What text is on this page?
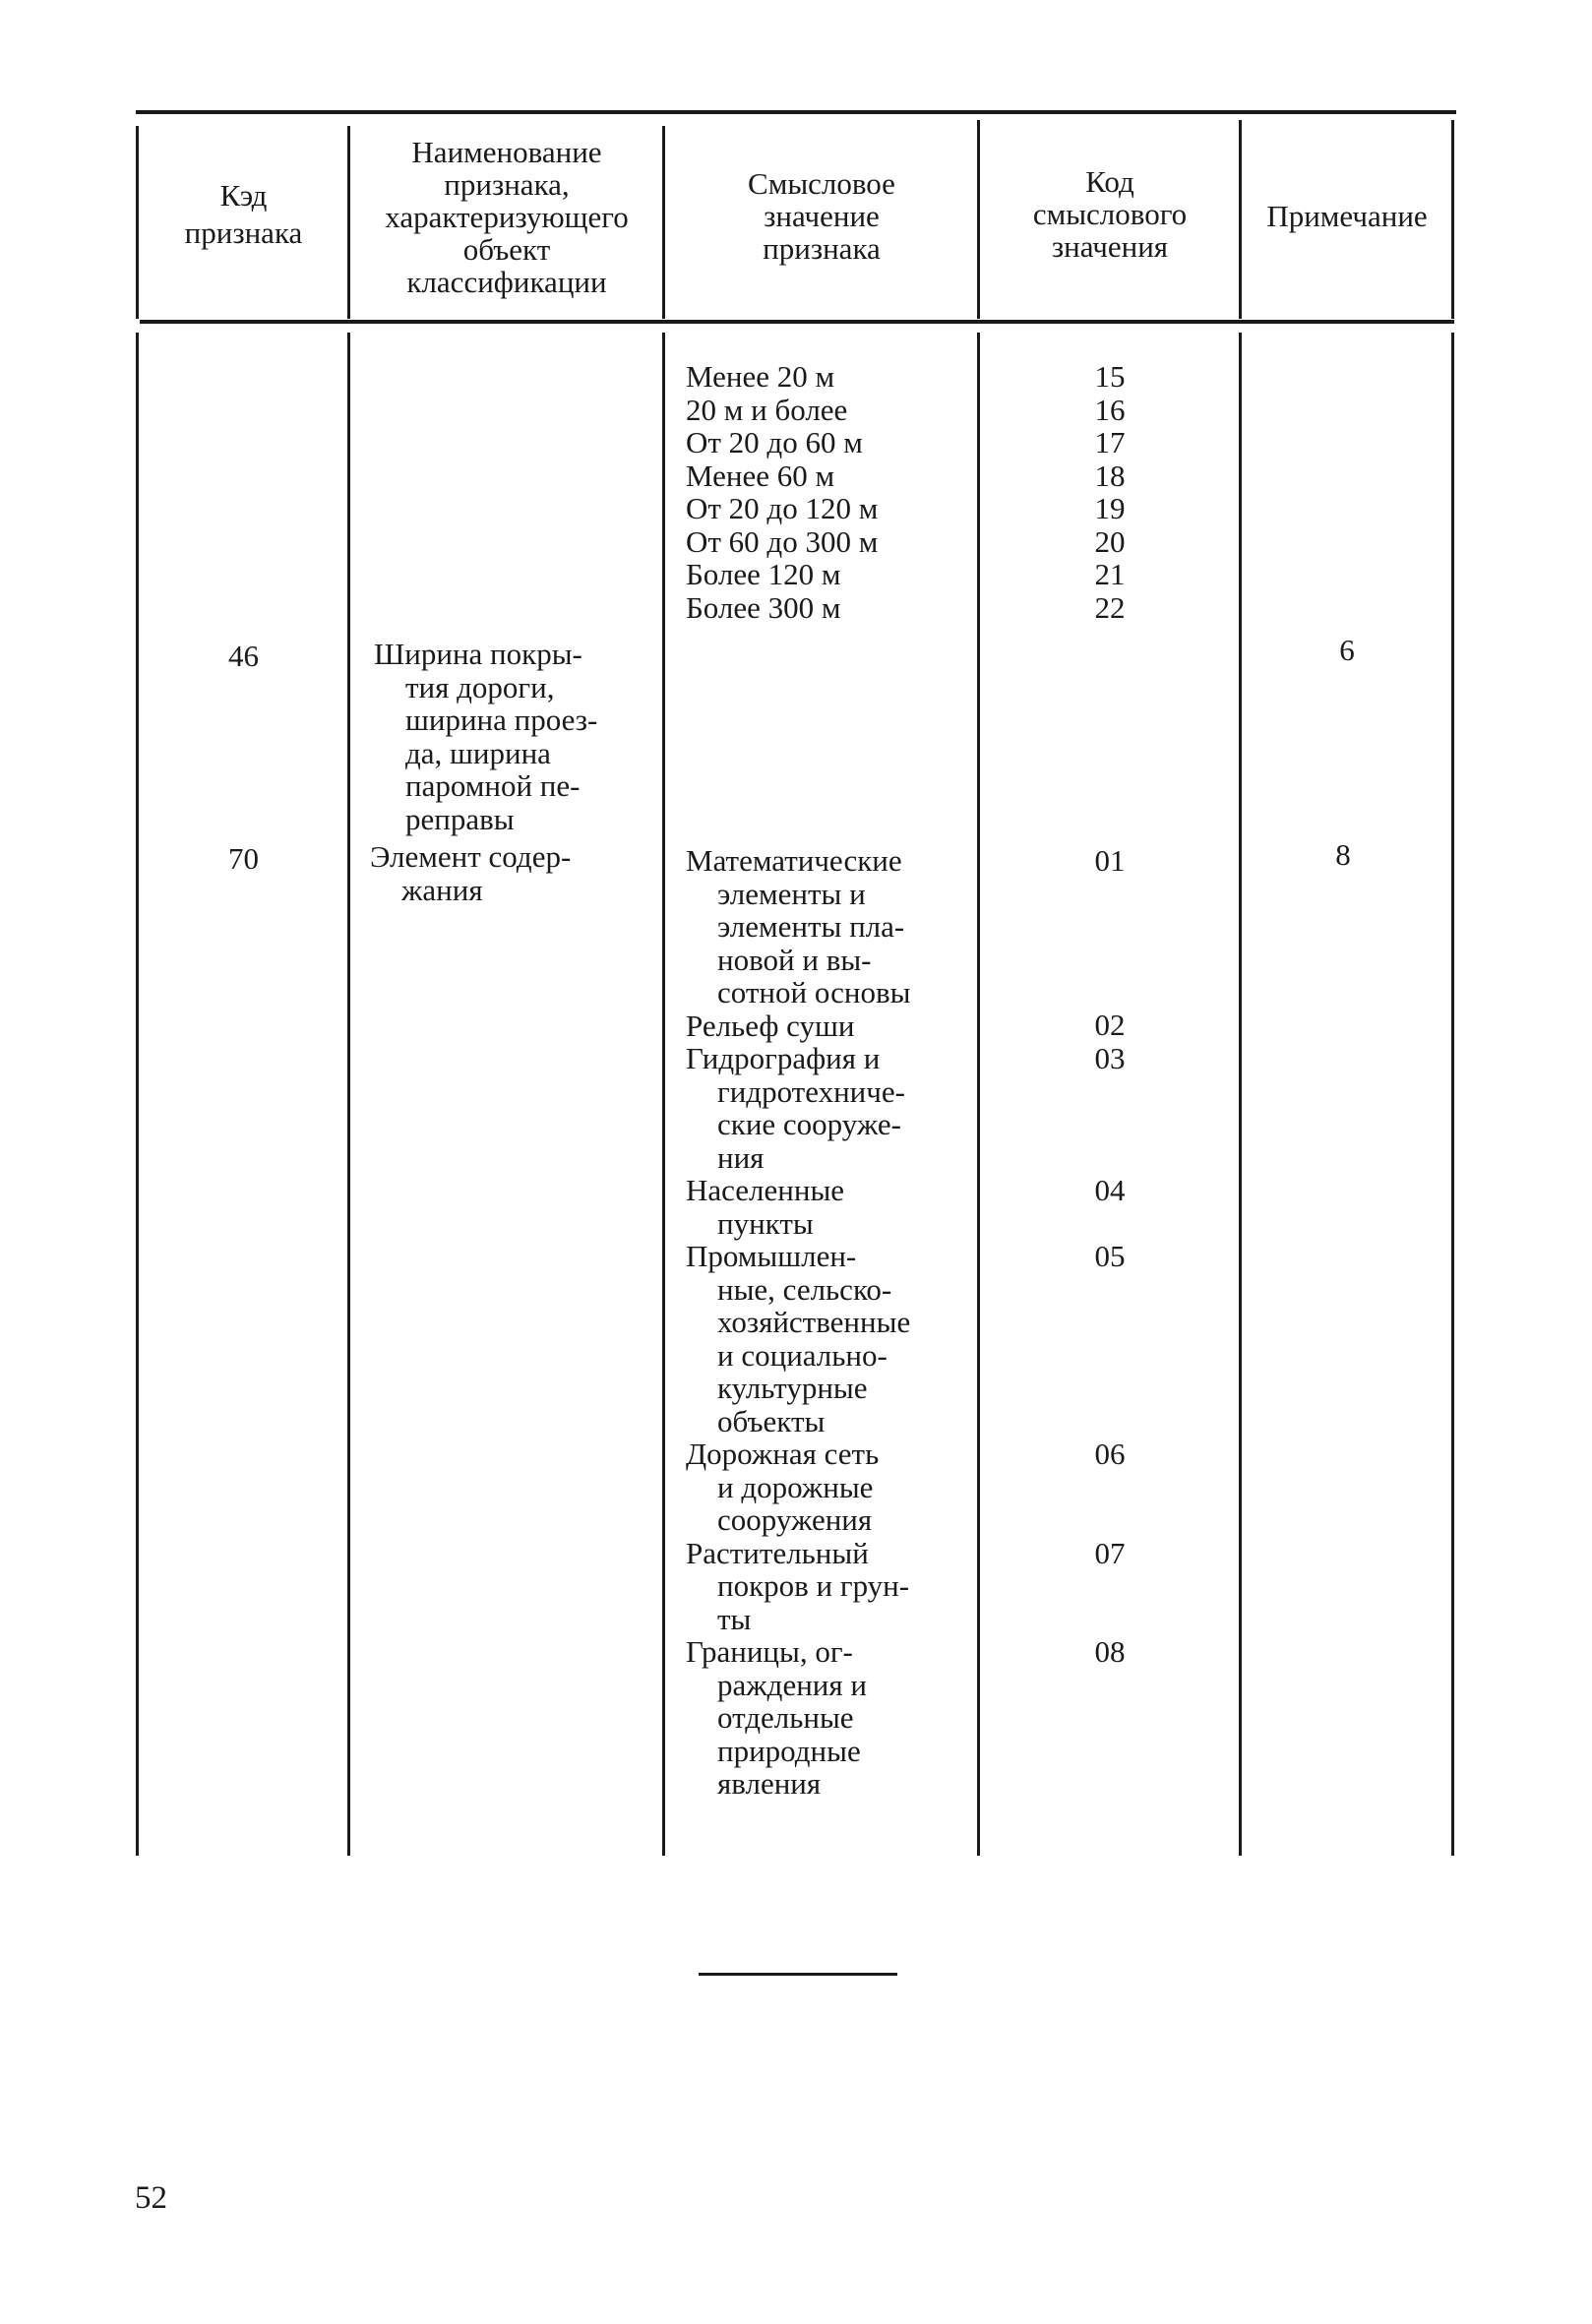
Кэд
признака
Наименование
признака,
характеризующего
объект
классификации
Смысловое
значение
признака
Код
смыслового
значения
Примечание
Менее 20 м
20 м и более
От 20 до 60 м
Менее 60 м
От 20 до 120 м
От 60 до 300 м
Более 120 м
Более 300 м
15
16
17
18
19
20
21
22
46	Ширина покры-
тия дороги,
ширина проез-
да, ширина
паромной пе-
реправы
6
70	Элемент содер-
жания
8
Математические
элементы и
элементы пла-
новой и вы-
сотной основы
Рельеф суши
Гидрография и
гидротехниче-
ские сооруже-
ния
Населенные
пункты
Промышлен-
ные, сельско-
хозяйственные
и социально-
культурные
объекты
Дорожная сеть
и дорожные
сооружения
Растительный
покров и грун-
ты
Границы, ог-
раждения и
отдельные
природные
явления
01
02
03
04
05
06
07
08
52
